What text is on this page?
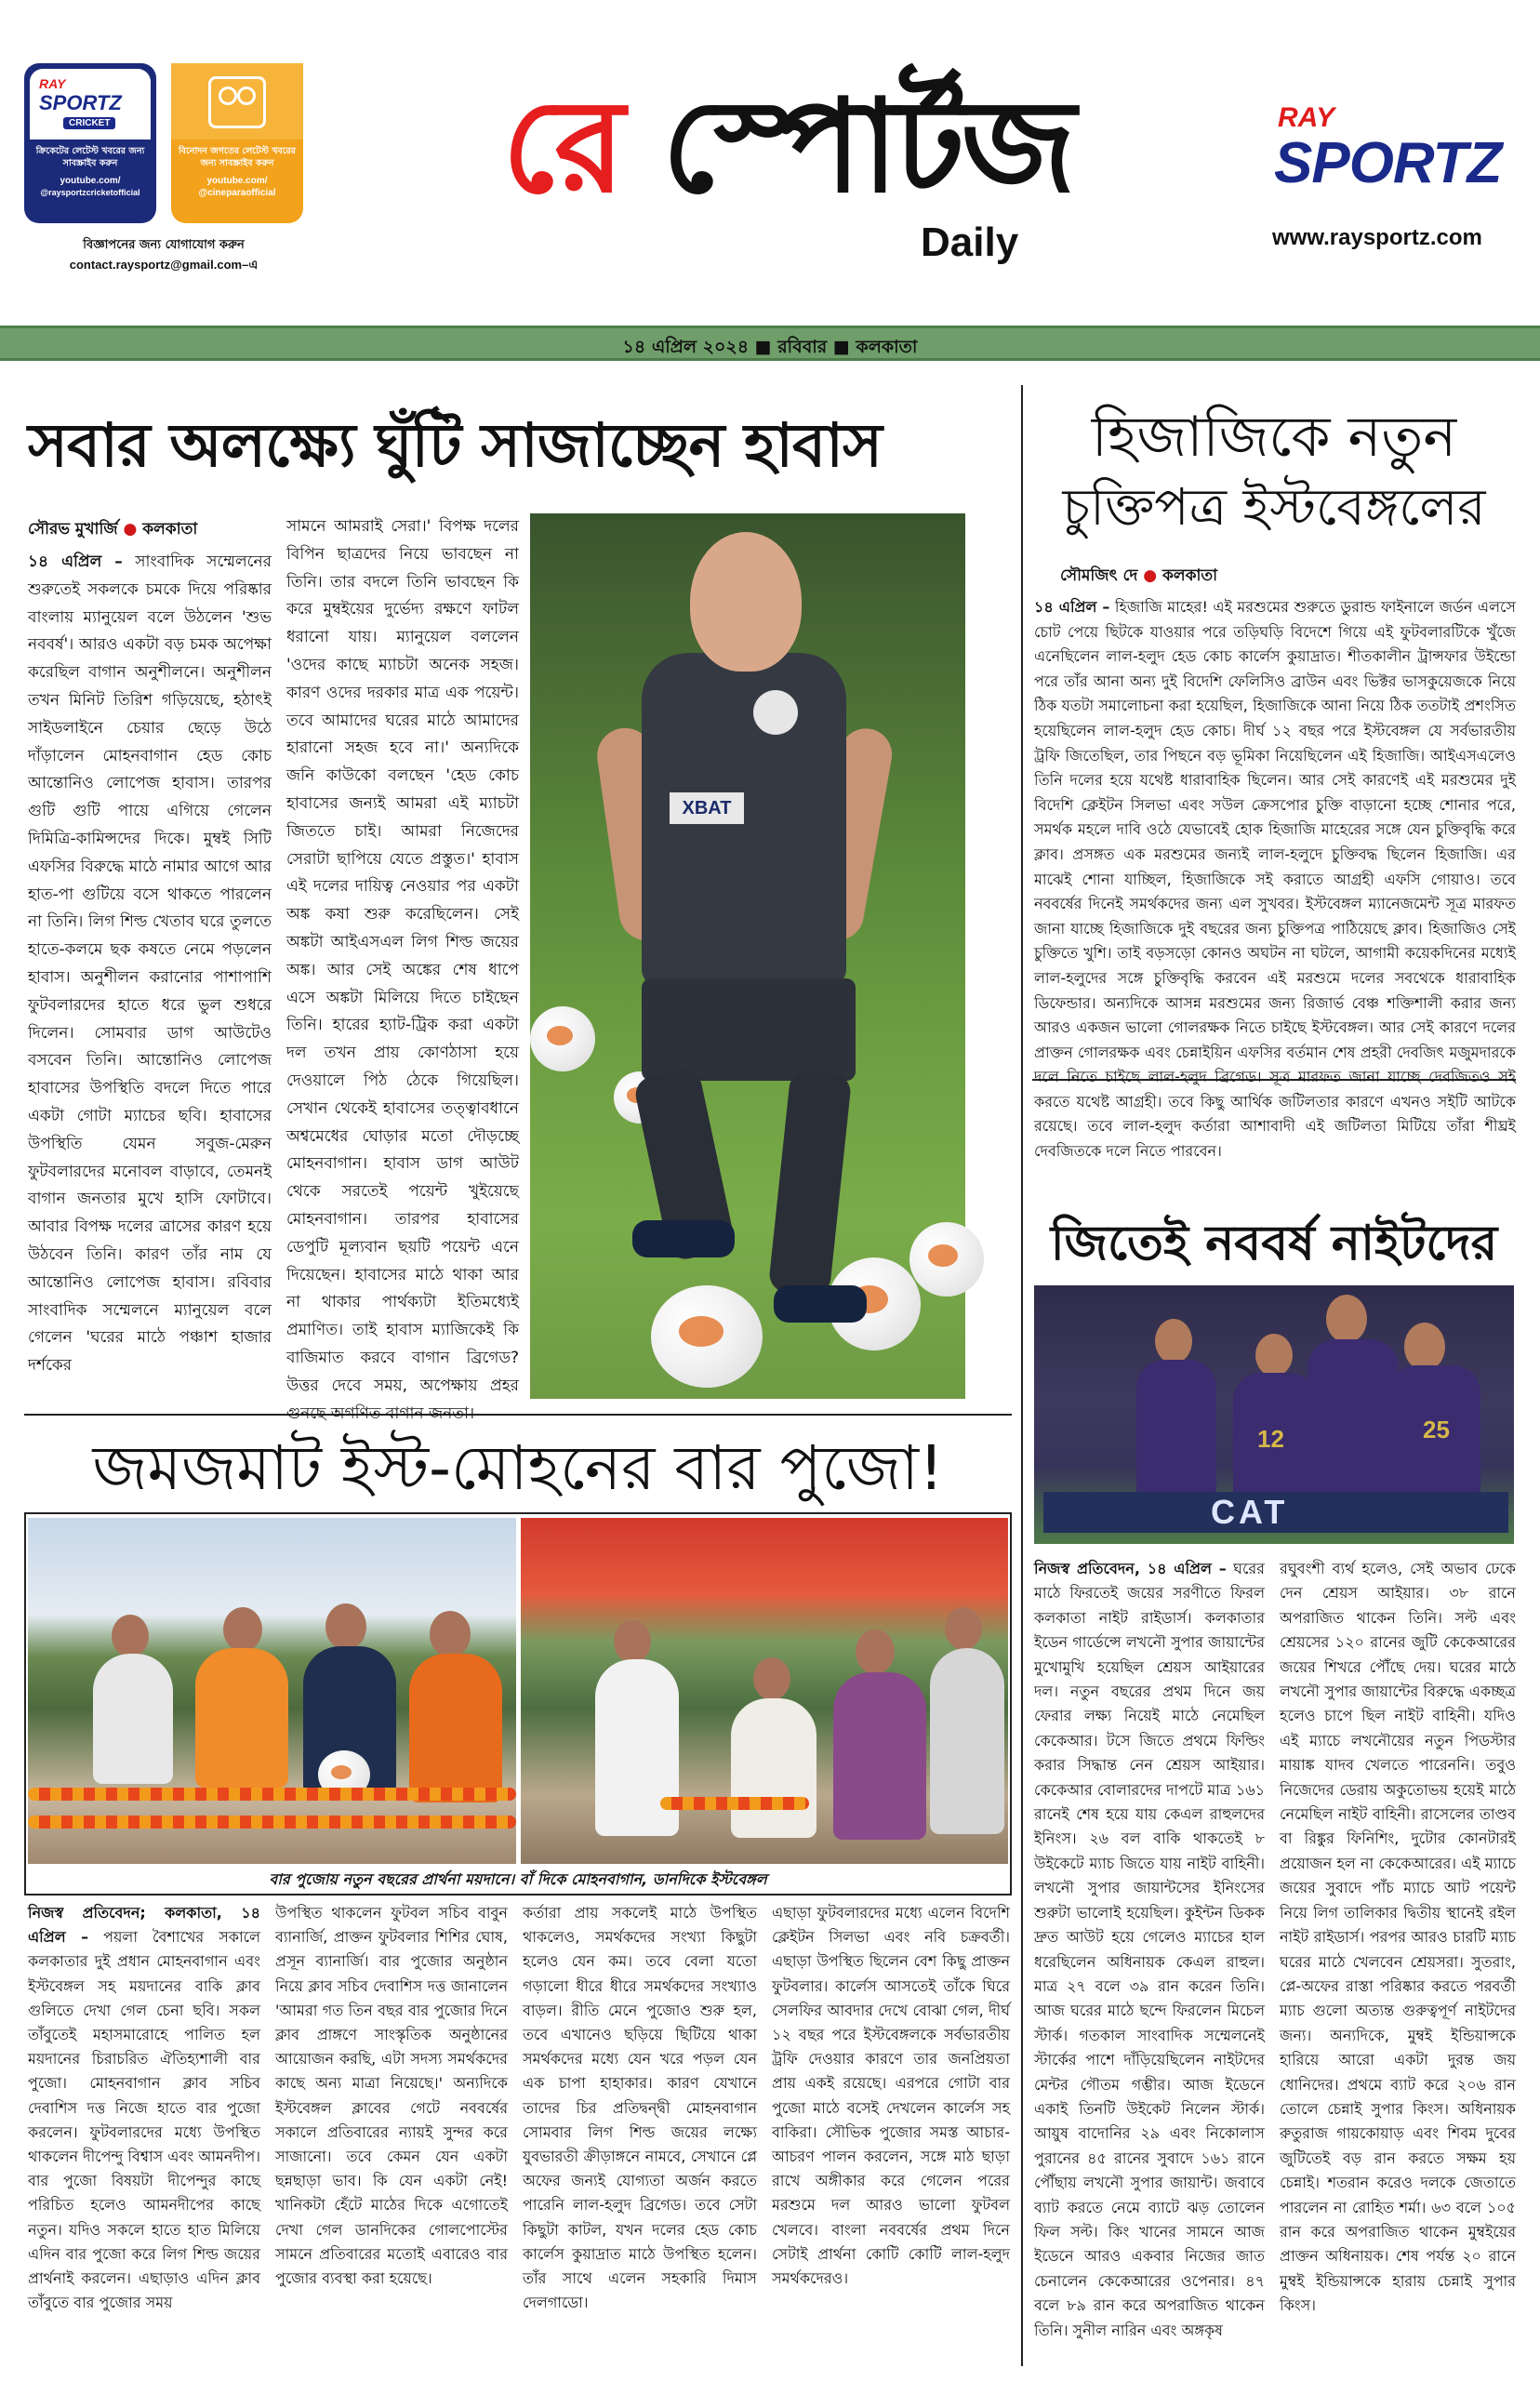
RAY
SPORTZ
CRICKET
ক্রিকেটের লেটেস্ট খবরের জন্য সাবস্ক্রাইব করুন
youtube.com/
@raysportzcricketofficial
বিনোদন জগতের লেটেস্ট খবরের জন্য সাবস্ক্রাইব করুন
youtube.com/
@cineparaofficial
বিজ্ঞাপনের জন্য যোগাযোগ করুন
contact.raysportz@gmail.com–এ
রে স্পোর্টজ
Daily
RAY
SPORTZ
www.raysportz.com
১৪ এপ্রিল ২০২৪ ■ রবিবার ■ কলকাতা
সবার অলক্ষ্যে ঘুঁটি সাজাচ্ছেন হাবাস
সৌরভ মুখার্জি ● কলকাতা
১৪ এপ্রিল – সাংবাদিক সম্মেলনের শুরুতেই সকলকে চমকে দিয়ে পরিষ্কার বাংলায় ম্যানুয়েল বলে উঠলেন 'শুভ নববর্ষ'। আরও একটা বড় চমক অপেক্ষা করেছিল বাগান অনুশীলনে। অনুশীলন তখন মিনিট তিরিশ গড়িয়েছে, হঠাৎই সাইডলাইনে চেয়ার ছেড়ে উঠে দাঁড়ালেন মোহনবাগান হেড কোচ আন্তোনিও লোপেজ হাবাস। তারপর গুটি গুটি পায়ে এগিয়ে গেলেন দিমিত্রি-কামিন্সদের দিকে। মুম্বই সিটি এফসির বিরুদ্ধে মাঠে নামার আগে আর হাত-পা গুটিয়ে বসে থাকতে পারলেন না তিনি। লিগ শিল্ড খেতাব ঘরে তুলতে হাতে-কলমে ছক কষতে নেমে পড়লেন হাবাস। অনুশীলন করানোর পাশাপাশি ফুটবলারদের হাতে ধরে ভুল শুধরে দিলেন। সোমবার ডাগ আউটেও বসবেন তিনি। আন্তোনিও লোপেজ হাবাসের উপস্থিতি বদলে দিতে পারে একটা গোটা ম্যাচের ছবি। হাবাসের উপস্থিতি যেমন সবুজ-মেরুন ফুটবলারদের মনোবল বাড়াবে, তেমনই বাগান জনতার মুখে হাসি ফোটাবে। আবার বিপক্ষ দলের ত্রাসের কারণ হয়ে উঠবেন তিনি। কারণ তাঁর নাম যে আন্তোনিও লোপেজ হাবাস। রবিবার সাংবাদিক সম্মেলনে ম্যানুয়েল বলে গেলেন 'ঘরের মাঠে পঞ্চাশ হাজার দর্শকের
সামনে আমরাই সেরা।' বিপক্ষ দলের বিপিন ছাত্রদের নিয়ে ভাবছেন না তিনি। তার বদলে তিনি ভাবছেন কি করে মুম্বইয়ের দুর্ভেদ্য রক্ষণে ফাটল ধরানো যায়। ম্যানুয়েল বললেন 'ওদের কাছে ম্যাচটা অনেক সহজ। কারণ ওদের দরকার মাত্র এক পয়েন্ট। তবে আমাদের ঘরের মাঠে আমাদের হারানো সহজ হবে না।' অন্যদিকে জনি কাউকো বলছেন 'হেড কোচ হাবাসের জন্যই আমরা এই ম্যাচটা জিততে চাই। আমরা নিজেদের সেরাটা ছাপিয়ে যেতে প্রস্তুত।' হাবাস এই দলের দায়িত্ব নেওয়ার পর একটা অঙ্ক কষা শুরু করেছিলেন। সেই অঙ্কটা আইএসএল লিগ শিল্ড জয়ের অঙ্ক। আর সেই অঙ্কের শেষ ধাপে এসে অঙ্কটা মিলিয়ে দিতে চাইছেন তিনি। হারের হ্যাট-ট্রিক করা একটা দল তখন প্রায় কোণঠাসা হয়ে দেওয়ালে পিঠ ঠেকে গিয়েছিল। সেখান থেকেই হাবাসের তত্ত্বাবধানে অশ্বমেধের ঘোড়ার মতো দৌড়চ্ছে মোহনবাগান। হাবাস ডাগ আউট থেকে সরতেই পয়েন্ট খুইয়েছে মোহনবাগান। তারপর হাবাসের ডেপুটি মূল্যবান ছয়টি পয়েন্ট এনে দিয়েছেন। হাবাসের মাঠে থাকা আর না থাকার পার্থক্যটা ইতিমধ্যেই প্রমাণিত। তাই হাবাস ম্যাজিকেই কি বাজিমাত করবে বাগান ব্রিগেড? উত্তর দেবে সময়, অপেক্ষায় প্রহর গুনছে অগণিত বাগান জনতা।
XBAT
হিজাজিকে নতুন
চুক্তিপত্র ইস্টবেঙ্গলের
সৌমজিৎ দে ● কলকাতা
১৪ এপ্রিল – হিজাজি মাহের! এই মরশুমের শুরুতে ডুরান্ড ফাইনালে জর্ডন এলসে চোট পেয়ে ছিটকে যাওয়ার পরে তড়িঘড়ি বিদেশে গিয়ে এই ফুটবলারটিকে খুঁজে এনেছিলেন লাল-হলুদ হেড কোচ কার্লেস কুয়াদ্রাত। শীতকালীন ট্রান্সফার উইন্ডো পরে তাঁর আনা অন্য দুই বিদেশি ফেলিসিও ব্রাউন এবং ভিক্টর ভাসকুয়েজকে নিয়ে ঠিক যতটা সমালোচনা করা হয়েছিল, হিজাজিকে আনা নিয়ে ঠিক ততটাই প্রশংসিত হয়েছিলেন লাল-হলুদ হেড কোচ। দীর্ঘ ১২ বছর পরে ইস্টবেঙ্গল যে সর্বভারতীয় ট্রফি জিতেছিল, তার পিছনে বড় ভূমিকা নিয়েছিলেন এই হিজাজি। আইএসএলেও তিনি দলের হয়ে যথেষ্ট ধারাবাহিক ছিলেন। আর সেই কারণেই এই মরশুমের দুই বিদেশি ক্লেইটন সিলভা এবং সউল ক্রেসপোর চুক্তি বাড়ানো হচ্ছে শোনার পরে, সমর্থক মহলে দাবি ওঠে যেভাবেই হোক হিজাজি মাহেরের সঙ্গে যেন চুক্তিবৃদ্ধি করে ক্লাব। প্রসঙ্গত এক মরশুমের জন্যই লাল-হলুদে চুক্তিবদ্ধ ছিলেন হিজাজি। এর মাঝেই শোনা যাচ্ছিল, হিজাজিকে সই করাতে আগ্রহী এফসি গোয়াও। তবে নববর্ষের দিনেই সমর্থকদের জন্য এল সুখবর। ইস্টবেঙ্গল ম্যানেজমেন্ট সূত্র মারফত জানা যাচ্ছে হিজাজিকে দুই বছরের জন্য চুক্তিপত্র পাঠিয়েছে ক্লাব। হিজাজিও সেই চুক্তিতে খুশি। তাই বড়সড়ো কোনও অঘটন না ঘটলে, আগামী কয়েকদিনের মধ্যেই লাল-হলুদের সঙ্গে চুক্তিবৃদ্ধি করবেন এই মরশুমে দলের সবথেকে ধারাবাহিক ডিফেন্ডার। অন্যদিকে আসন্ন মরশুমের জন্য রিজার্ভ বেঞ্চ শক্তিশালী করার জন্য আরও একজন ভালো গোলরক্ষক নিতে চাইছে ইস্টবেঙ্গল। আর সেই কারণে দলের প্রাক্তন গোলরক্ষক এবং চেন্নাইয়িন এফসির বর্তমান শেষ প্রহরী দেবজিৎ মজুমদারকে দলে নিতে চাইছে লাল-হলুদ ব্রিগেড। সূত্র মারফত জানা যাচ্ছে দেবজিতও সই করতে যথেষ্ট আগ্রহী। তবে কিছু আর্থিক জটিলতার কারণে এখনও সইটি আটকে রয়েছে। তবে লাল-হলুদ কর্তারা আশাবাদী এই জটিলতা মিটিয়ে তাঁরা শীঘ্রই দেবজিতকে দলে নিতে পারবেন।
জিতেই নববর্ষ নাইটদের
25
12
CAT
নিজস্ব প্রতিবেদন, ১৪ এপ্রিল – ঘরের মাঠে ফিরতেই জয়ের সরণীতে ফিরল কলকাতা নাইট রাইডার্স। কলকাতার ইডেন গার্ডেন্সে লখনৌ সুপার জায়ান্টের মুখোমুখি হয়েছিল শ্রেয়স আইয়ারের দল। নতুন বছরের প্রথম দিনে জয় ফেরার লক্ষ্য নিয়েই মাঠে নেমেছিল কেকেআর। টসে জিতে প্রথমে ফিল্ডিং করার সিদ্ধান্ত নেন শ্রেয়স আইয়ার। কেকেআর বোলারদের দাপটে মাত্র ১৬১ রানেই শেষ হয়ে যায় কেএল রাহুলদের ইনিংস। ২৬ বল বাকি থাকতেই ৮ উইকেটে ম্যাচ জিতে যায় নাইট বাহিনী। লখনৌ সুপার জায়ান্টসের ইনিংসের শুরুটা ভালোই হয়েছিল। কুইন্টন ডিকক দ্রুত আউট হয়ে গেলেও ম্যাচের হাল ধরেছিলেন অধিনায়ক কেএল রাহুল। মাত্র ২৭ বলে ৩৯ রান করেন তিনি। আজ ঘরের মাঠে ছন্দে ফিরলেন মিচেল স্টার্ক। গতকাল সাংবাদিক সম্মেলনেই স্টার্কের পাশে দাঁড়িয়েছিলেন নাইটদের মেন্টর গৌতম গম্ভীর। আজ ইডেনে একাই তিনটি উইকেট নিলেন স্টার্ক। আয়ুষ বাদোনির ২৯ এবং নিকোলাস পুরানের ৪৫ রানের সুবাদে ১৬১ রানে পৌঁছায় লখনৌ সুপার জায়ান্ট। জবাবে ব্যাট করতে নেমে ব্যাটে ঝড় তোলেন ফিল সল্ট। কিং খানের সামনে আজ ইডেনে আরও একবার নিজের জাত চেনালেন কেকেআরের ওপেনার। ৪৭ বলে ৮৯ রান করে অপরাজিত থাকেন তিনি। সুনীল নারিন এবং অঙ্গকৃষ
রঘুবংশী ব্যর্থ হলেও, সেই অভাব ঢেকে দেন শ্রেয়স আইয়ার। ৩৮ রানে অপরাজিত থাকেন তিনি। সল্ট এবং শ্রেয়সের ১২০ রানের জুটি কেকেআরের জয়ের শিখরে পৌঁছে দেয়। ঘরের মাঠে লখনৌ সুপার জায়ান্টের বিরুদ্ধে একচ্ছত্র হলেও চাপে ছিল নাইট বাহিনী। যদিও এই ম্যাচে লখনৌয়ের নতুন পিডস্টার মায়াঙ্ক যাদব খেলতে পারেননি। তবুও নিজেদের ডেরায় অকুতোভয় হয়েই মাঠে নেমেছিল নাইট বাহিনী। রাসেলের তাণ্ডব বা রিঙ্কুর ফিনিশিং, দুটোর কোনটারই প্রয়োজন হল না কেকেআরের। এই ম্যাচে জয়ের সুবাদে পাঁচ ম্যাচে আট পয়েন্ট নিয়ে লিগ তালিকার দ্বিতীয় স্থানেই রইল নাইট রাইডার্স। পরপর আরও চারটি ম্যাচ ঘরের মাঠে খেলবেন শ্রেয়সরা। সুতরাং, প্লে-অফের রাস্তা পরিষ্কার করতে পরবর্তী ম্যাচ গুলো অত্যন্ত গুরুত্বপূর্ণ নাইটদের জন্য। অন্যদিকে, মুম্বই ইন্ডিয়ান্সকে হারিয়ে আরো একটা দুরন্ত জয় ধোনিদের। প্রথমে ব্যাট করে ২০৬ রান তোলে চেন্নাই সুপার কিংস। অধিনায়ক রুতুরাজ গায়কোয়াড় এবং শিবম দুবের জুটিতেই বড় রান করতে সক্ষম হয় চেন্নাই। শতরান করেও দলকে জেতাতে পারলেন না রোহিত শর্মা। ৬৩ বলে ১০৫ রান করে অপরাজিত থাকেন মুম্বইয়ের প্রাক্তন অধিনায়ক। শেষ পর্যন্ত ২০ রানে মুম্বই ইন্ডিয়ান্সকে হারায় চেন্নাই সুপার কিংস।
জমজমাট ইস্ট-মোহনের বার পুজো!
বার পুজোয় নতুন বছরের প্রার্থনা ময়দানে। বাঁ দিকে মোহনবাগান, ডানদিকে ইস্টবেঙ্গল
নিজস্ব প্রতিবেদন; কলকাতা, ১৪ এপ্রিল – পয়লা বৈশাখের সকালে কলকাতার দুই প্রধান মোহনবাগান এবং ইস্টবেঙ্গল সহ ময়দানের বাকি ক্লাব গুলিতে দেখা গেল চেনা ছবি। সকল তাঁবুতেই মহাসমারোহে পালিত হল ময়দানের চিরাচরিত ঐতিহ্যশালী বার পুজো। মোহনবাগান ক্লাব সচিব দেবাশিস দত্ত নিজে হাতে বার পুজো করলেন। ফুটবলারদের মধ্যে উপস্থিত থাকলেন দীপেন্দু বিশ্বাস এবং আমনদীপ। বার পুজো বিষয়টা দীপেন্দুর কাছে পরিচিত হলেও আমনদীপের কাছে নতুন। যদিও সকলে হাতে হাত মিলিয়ে এদিন বার পুজো করে লিগ শিল্ড জয়ের প্রার্থনাই করলেন। এছাড়াও এদিন ক্লাব তাঁবুতে বার পুজোর সময়
উপস্থিত থাকলেন ফুটবল সচিব বাবুন ব্যানার্জি, প্রাক্তন ফুটবলার শিশির ঘোষ, প্রসূন ব্যানার্জি। বার পুজোর অনুষ্ঠান নিয়ে ক্লাব সচিব দেবাশিস দত্ত জানালেন 'আমরা গত তিন বছর বার পুজোর দিনে ক্লাব প্রাঙ্গণে সাংস্কৃতিক অনুষ্ঠানের আয়োজন করছি, এটা সদস্য সমর্থকদের কাছে অন্য মাত্রা নিয়েছে।' অন্যদিকে ইস্টবেঙ্গল ক্লাবের গেটে নববর্ষের সকালে প্রতিবারের ন্যায়ই সুন্দর করে সাজানো। তবে কেমন যেন একটা ছন্নছাড়া ভাব। কি যেন একটা নেই! খানিকটা হেঁটে মাঠের দিকে এগোতেই দেখা গেল ডানদিকের গোলপোস্টের সামনে প্রতিবারের মতোই এবারেও বার পুজোর ব্যবস্থা করা হয়েছে।
কর্তারা প্রায় সকলেই মাঠে উপস্থিত থাকলেও, সমর্থকদের সংখ্যা কিছুটা হলেও যেন কম। তবে বেলা যতো গড়ালো ধীরে ধীরে সমর্থকদের সংখ্যাও বাড়ল। রীতি মেনে পুজোও শুরু হল, তবে এখানেও ছড়িয়ে ছিটিয়ে থাকা সমর্থকদের মধ্যে যেন খরে পড়ল যেন এক চাপা হাহাকার। কারণ যেখানে তাদের চির প্রতিদ্বন্দ্বী মোহনবাগান সোমবার লিগ শিল্ড জয়ের লক্ষ্যে যুবভারতী ক্রীড়াঙ্গনে নামবে, সেখানে প্লে অফের জন্যই যোগ্যতা অর্জন করতে পারেনি লাল-হলুদ ব্রিগেড। তবে সেটা কিছুটা কাটল, যখন দলের হেড কোচ কার্লেস কুয়াদ্রাত মাঠে উপস্থিত হলেন। তাঁর সাথে এলেন সহকারি দিমাস দেলগাডো।
এছাড়া ফুটবলারদের মধ্যে এলেন বিদেশি ক্লেইটন সিলভা এবং নবি চক্রবর্তী। এছাড়া উপস্থিত ছিলেন বেশ কিছু প্রাক্তন ফুটবলার। কার্লেস আসতেই তাঁকে ঘিরে সেলফির আবদার দেখে বোঝা গেল, দীর্ঘ ১২ বছর পরে ইস্টবেঙ্গলকে সর্বভারতীয় ট্রফি দেওয়ার কারণে তার জনপ্রিয়তা প্রায় একই রয়েছে। এরপরে গোটা বার পুজো মাঠে বসেই দেখলেন কার্লেস সহ বাকিরা। সৌভিক পুজোর সমস্ত আচার-আচরণ পালন করলেন, সঙ্গে মাঠ ছাড়া রাখে অঙ্গীকার করে গেলেন পরের মরশুমে দল আরও ভালো ফুটবল খেলবে। বাংলা নববর্ষের প্রথম দিনে সেটাই প্রার্থনা কোটি কোটি লাল-হলুদ সমর্থকদেরও।
